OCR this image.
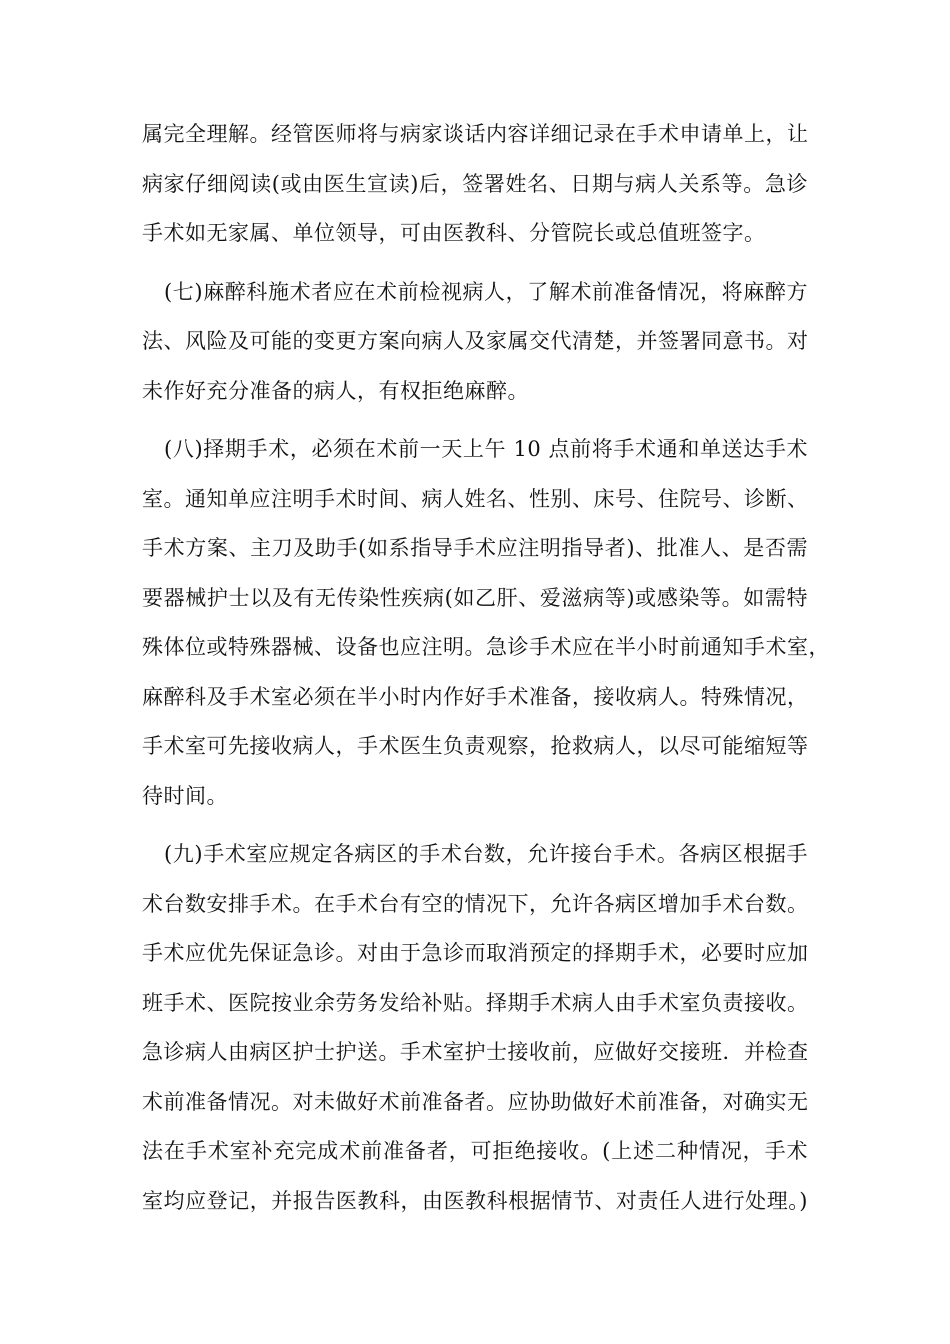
属完全理解。经管医师将与病家谈话内容详细记录在手术申请单上，让
病家仔细阅读(或由医生宣读)后，签署姓名、日期与病人关系等。急诊
手术如无家属、单位领导，可由医教科、分管院长或总值班签字。
(七)麻醉科施术者应在术前检视病人，了解术前准备情况，将麻醉方
法、风险及可能的变更方案向病人及家属交代清楚，并签署同意书。对
未作好充分准备的病人，有权拒绝麻醉。
(八)择期手术，必须在术前一天上午 10 点前将手术通和单送达手术
室。通知单应注明手术时间、病人姓名、性别、床号、住院号、诊断、
手术方案、主刀及助手(如系指导手术应注明指导者)、批准人、是否需
要器械护士以及有无传染性疾病(如乙肝、爱滋病等)或感染等。如需特
殊体位或特殊器械、设备也应注明。急诊手术应在半小时前通知手术室，
麻醉科及手术室必须在半小时内作好手术准备，接收病人。特殊情况，
手术室可先接收病人，手术医生负责观察，抢救病人，以尽可能缩短等
待时间。
(九)手术室应规定各病区的手术台数，允许接台手术。各病区根据手
术台数安排手术。在手术台有空的情况下，允许各病区增加手术台数。
手术应优先保证急诊。对由于急诊而取消预定的择期手术，必要时应加
班手术、医院按业余劳务发给补贴。择期手术病人由手术室负责接收。
急诊病人由病区护士护送。手术室护士接收前，应做好交接班．并检查
术前准备情况。对未做好术前准备者。应协助做好术前准备，对确实无
法在手术室补充完成术前准备者，可拒绝接收。(上述二种情况，手术
室均应登记，并报告医教科，由医教科根据情节、对责任人进行处理。)
